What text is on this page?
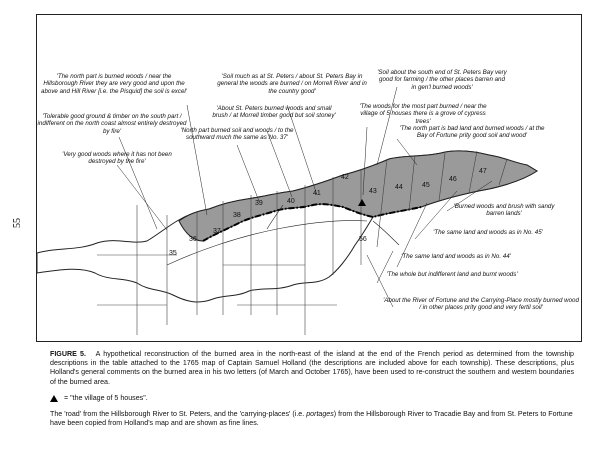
55
35
36
37
38
39	40
41
42
43
44	45
46
47
56
'The north part is burned woods / near the Hillsborough River they are very good and upon the above and Hill River [i.e. the Pisquid] the soil is excel'
'Tolerable good ground & timber on the south part / indifferent on the north coast almost entirely destroyed by fire'
'Very good woods where it has not been destroyed by the fire'
'Soil much as at St. Peters / about St. Peters Bay in general the woods are burned / on Morrell River and in the country good'
'About St. Peters burned woods and small brush / at Morrell timber good but soil stoney'
'North part burned soil and woods / to the southward much the same as No. 37'
'Soil about the south end of St. Peters Bay very good for farming / the other places barren and in gen'l burned woods'
'The woods for the most part burned / near the village of 5 houses there is a grove of cypress trees'
'The north part is bad land and burned woods / at the Bay of Fortune prity good soil and wood'
'Burned woods and brush with sandy barren lands'
'The same land and woods as in No. 45'
'The same land and woods as in No. 44'
'The whole but indifferent land and burnt woods'
'About the River of Fortune and the Carrying-Place mostly burned wood / in other places prity good and very fertil soil'
FIGURE 5. A hypothetical reconstruction of the burned area in the north-east of the island at the end of the French period as determined from the township descriptions in the table attached to the 1765 map of Captain Samuel Holland (the descriptions are included above for each township). These descriptions, plus Holland's general comments on the burned area in his two letters (of March and October 1765), have been used to re-construct the southern and western boundaries of the burned area.
= "the village of 5 houses".
The 'road' from the Hillsborough River to St. Peters, and the 'carrying-places' (i.e. portages) from the Hillsborough River to Tracadie Bay and from St. Peters to Fortune have been copied from Holland's map and are shown as fine lines.
